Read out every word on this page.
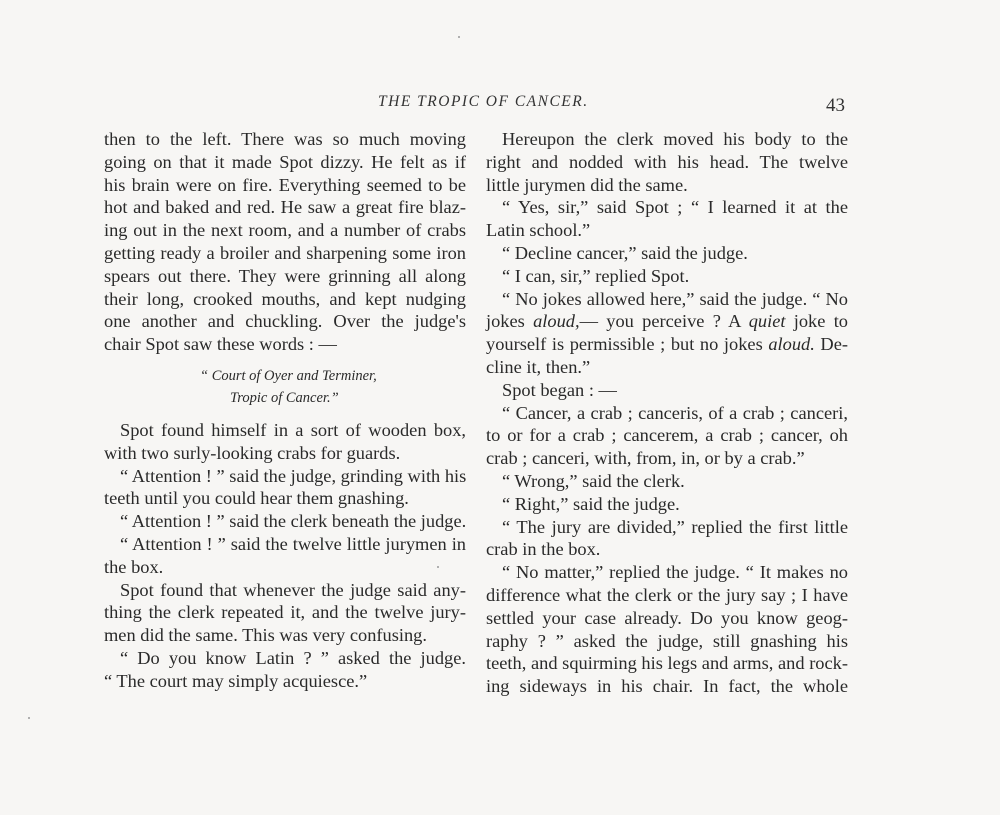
THE TROPIC OF CANCER.	43
then to the left. There was so much moving
going on that it made Spot dizzy. He felt as if
his brain were on fire. Everything seemed to be
hot and baked and red. He saw a great fire blaz-
ing out in the next room, and a number of crabs
getting ready a broiler and sharpening some iron
spears out there. They were grinning all along
their long, crooked mouths, and kept nudging
one another and chuckling. Over the judge's
chair Spot saw these words : —
“ Court of Oyer and Terminer,
Tropic of Cancer.”
Spot found himself in a sort of wooden box,
with two surly-looking crabs for guards.
“ Attention ! ” said the judge, grinding with his
teeth until you could hear them gnashing.
“ Attention ! ” said the clerk beneath the judge.
“ Attention ! ” said the twelve little jurymen in
the box.
Spot found that whenever the judge said any-
thing the clerk repeated it, and the twelve jury-
men did the same. This was very confusing.
“ Do you know Latin ? ” asked the judge.
“ The court may simply acquiesce.”
Hereupon the clerk moved his body to the
right and nodded with his head. The twelve
little jurymen did the same.
“ Yes, sir,” said Spot ; “ I learned it at the
Latin school.”
“ Decline cancer,” said the judge.
“ I can, sir,” replied Spot.
“ No jokes allowed here,” said the judge. “ No
jokes aloud,— you perceive ? A quiet joke to
yourself is permissible ; but no jokes aloud. De-
cline it, then.”
Spot began : —
“ Cancer, a crab ; canceris, of a crab ; canceri,
to or for a crab ; cancerem, a crab ; cancer, oh
crab ; canceri, with, from, in, or by a crab.”
“ Wrong,” said the clerk.
“ Right,” said the judge.
“ The jury are divided,” replied the first little
crab in the box.
“ No matter,” replied the judge. “ It makes no
difference what the clerk or the jury say ; I have
settled your case already. Do you know geog-
raphy ? ” asked the judge, still gnashing his
teeth, and squirming his legs and arms, and rock-
ing sideways in his chair. In fact, the whole
